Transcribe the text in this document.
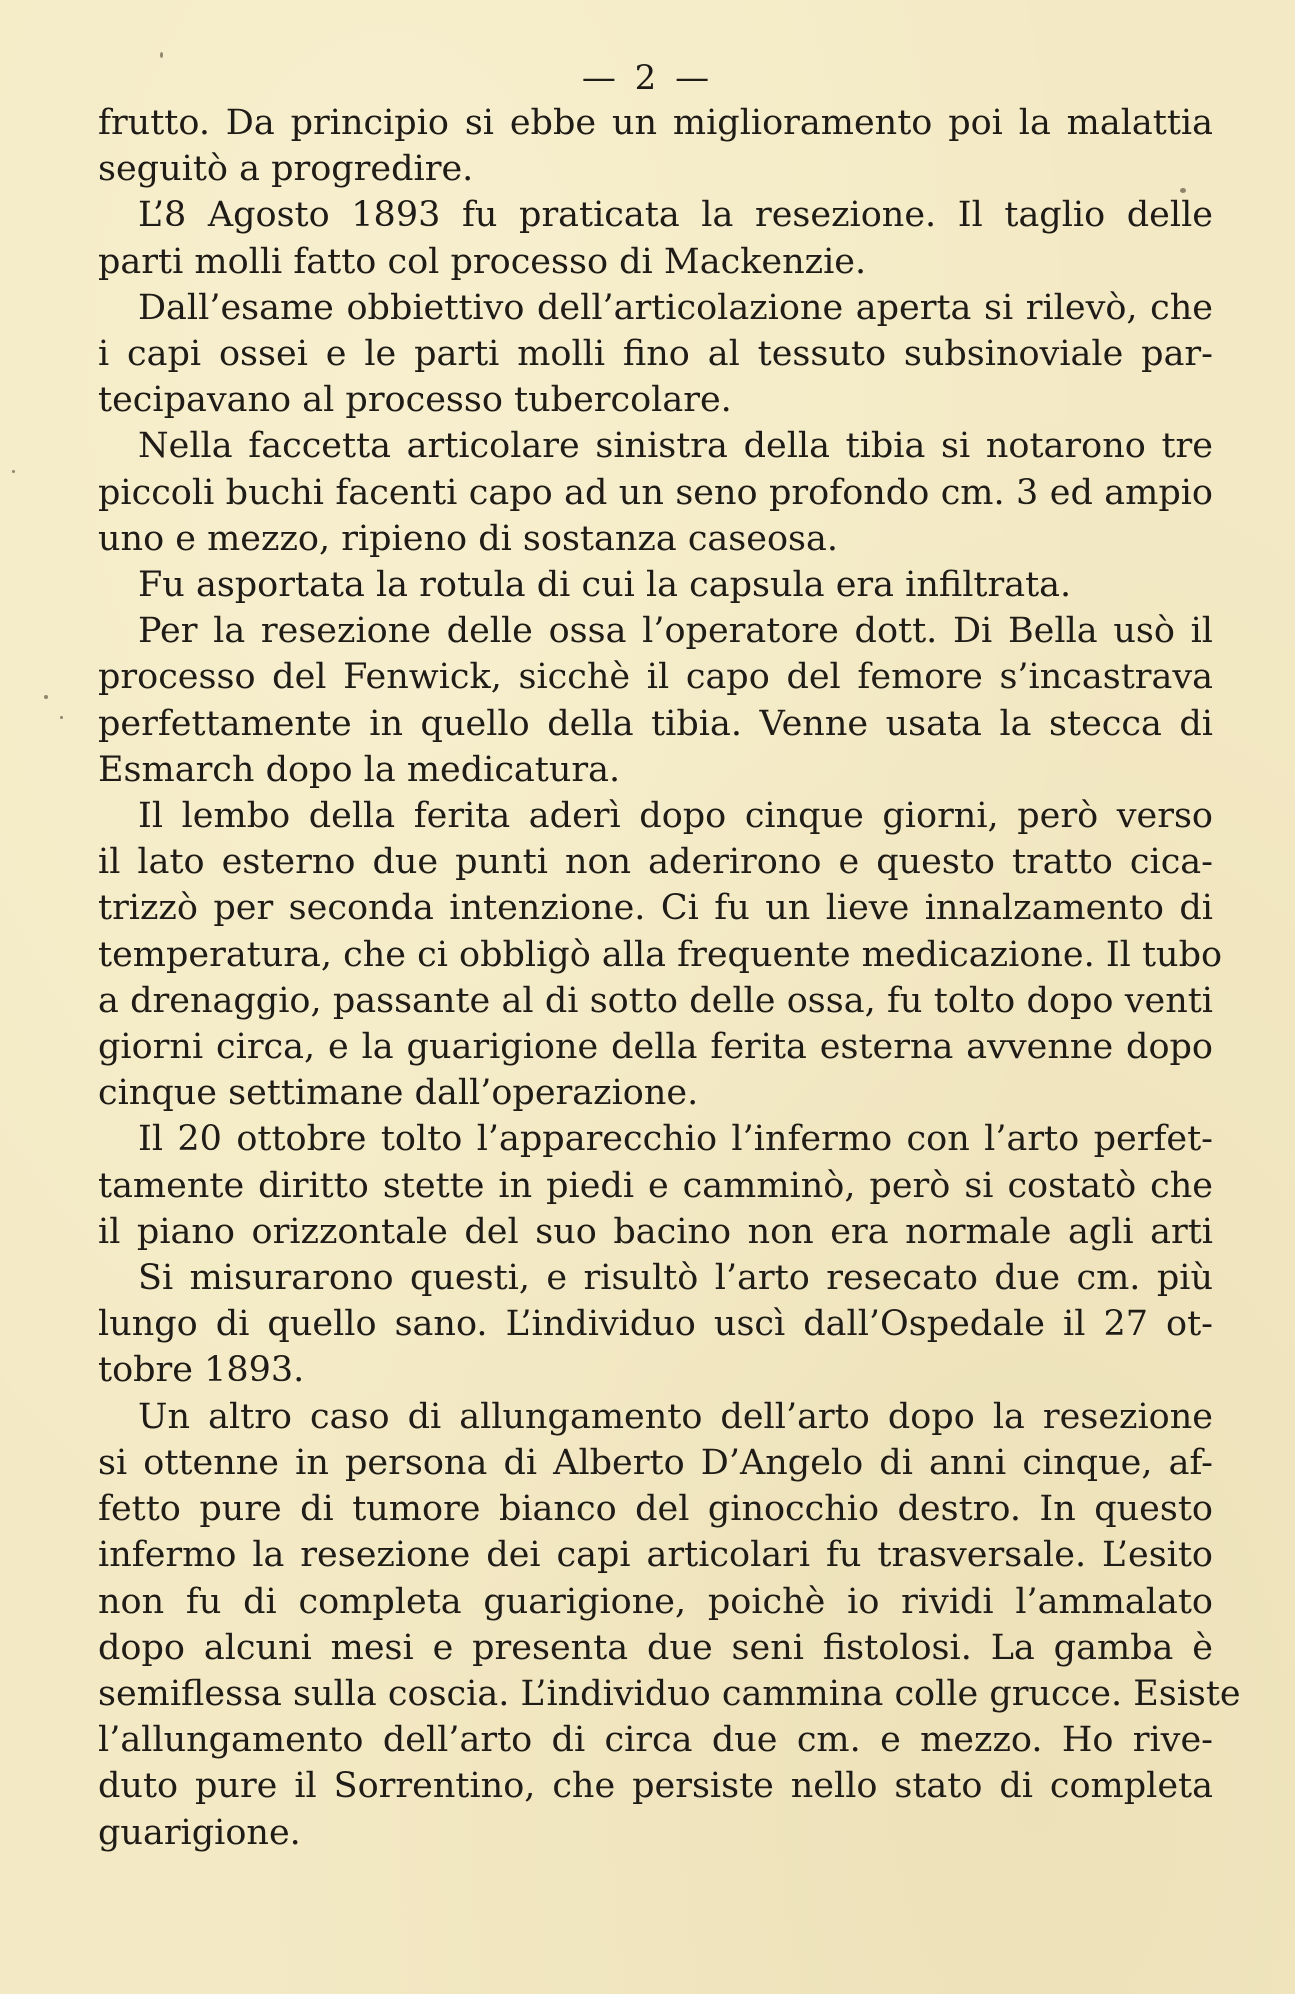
— 2 —
frutto. Da principio si ebbe un miglioramento poi la malattia
seguitò a progredire.
L’8 Agosto 1893 fu praticata la resezione. Il taglio delle
parti molli fatto col processo di Mackenzie.
Dall’esame obbiettivo dell’articolazione aperta si rilevò, che
i capi ossei e le parti molli fino al tessuto subsinoviale par-
tecipavano al processo tubercolare.
Nella faccetta articolare sinistra della tibia si notarono tre
piccoli buchi facenti capo ad un seno profondo cm. 3 ed ampio
uno e mezzo, ripieno di sostanza caseosa.
Fu asportata la rotula di cui la capsula era infiltrata.
Per la resezione delle ossa l’operatore dott. Di Bella usò il
processo del Fenwick, sicchè il capo del femore s’incastrava
perfettamente in quello della tibia. Venne usata la stecca di
Esmarch dopo la medicatura.
Il lembo della ferita aderì dopo cinque giorni, però verso
il lato esterno due punti non aderirono e questo tratto cica-
trizzò per seconda intenzione. Ci fu un lieve innalzamento di
temperatura, che ci obbligò alla frequente medicazione. Il tubo
a drenaggio, passante al di sotto delle ossa, fu tolto dopo venti
giorni circa, e la guarigione della ferita esterna avvenne dopo
cinque settimane dall’operazione.
Il 20 ottobre tolto l’apparecchio l’infermo con l’arto perfet-
tamente diritto stette in piedi e camminò, però si costatò che
il piano orizzontale del suo bacino non era normale agli arti
Si misurarono questi, e risultò l’arto resecato due cm. più
lungo di quello sano. L’individuo uscì dall’Ospedale il 27 ot-
tobre 1893.
Un altro caso di allungamento dell’arto dopo la resezione
si ottenne in persona di Alberto D’Angelo di anni cinque, af-
fetto pure di tumore bianco del ginocchio destro. In questo
infermo la resezione dei capi articolari fu trasversale. L’esito
non fu di completa guarigione, poichè io rividi l’ammalato
dopo alcuni mesi e presenta due seni fistolosi. La gamba è
semiflessa sulla coscia. L’individuo cammina colle grucce. Esiste
l’allungamento dell’arto di circa due cm. e mezzo. Ho rive-
duto pure il Sorrentino, che persiste nello stato di completa
guarigione.
